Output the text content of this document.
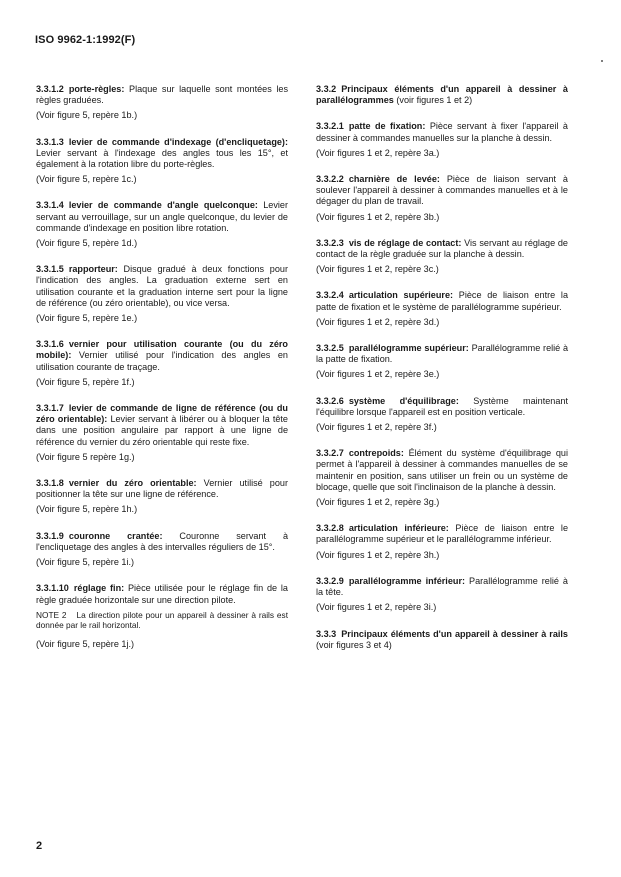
ISO 9962-1:1992(F)

3.3.1.2 porte-règles: Plaque sur laquelle sont montées les règles graduées.

(Voir figure 5, repère 1b.)

3.3.1.3 levier de commande d'indexage (d'encliquetage): Levier servant à l'indexage des angles tous les 15°, et également à la rotation libre du porte-règles.

(Voir figure 5, repère 1c.)

3.3.1.4 levier de commande d'angle quelconque: Levier servant au verrouillage, sur un angle quelconque, du levier de commande d'indexage en position libre rotation.

(Voir figure 5, repère 1d.)

3.3.1.5 rapporteur: Disque gradué à deux fonctions pour l'indication des angles. La graduation externe sert en utilisation courante et la graduation interne sert pour la ligne de référence (ou zéro orientable), ou vice versa.

(Voir figure 5, repère 1e.)

3.3.1.6 vernier pour utilisation courante (ou du zéro mobile): Vernier utilisé pour l'indication des angles en utilisation courante de traçage.

(Voir figure 5, repère 1f.)

3.3.1.7 levier de commande de ligne de référence (ou du zéro orientable): Levier servant à libérer ou à bloquer la tête dans une position angulaire par rapport à une ligne de référence du vernier du zéro orientable qui reste fixe.

(Voir figure 5 repère 1g.)

3.3.1.8 vernier du zéro orientable: Vernier utilisé pour positionner la tête sur une ligne de référence.

(Voir figure 5, repère 1h.)

3.3.1.9 couronne crantée: Couronne servant à l'encliquetage des angles à des intervalles réguliers de 15°.

(Voir figure 5, repère 1i.)

3.3.1.10 réglage fin: Pièce utilisée pour le réglage fin de la règle graduée horizontale sur une direction pilote.

NOTE 2 La direction pilote pour un appareil à dessiner à rails est donnée par le rail horizontal.

(Voir figure 5, repère 1j.)

3.3.2 Principaux éléments d'un appareil à dessiner à parallélogrammes (voir figures 1 et 2)

3.3.2.1 patte de fixation: Pièce servant à fixer l'appareil à dessiner à commandes manuelles sur la planche à dessin.

(Voir figures 1 et 2, repère 3a.)

3.3.2.2 charnière de levée: Pièce de liaison servant à soulever l'appareil à dessiner à commandes manuelles et à le dégager du plan de travail.

(Voir figures 1 et 2, repère 3b.)

3.3.2.3 vis de réglage de contact: Vis servant au réglage de contact de la règle graduée sur la planche à dessin.

(Voir figures 1 et 2, repère 3c.)

3.3.2.4 articulation supérieure: Pièce de liaison entre la patte de fixation et le système de parallélogramme supérieur.

(Voir figures 1 et 2, repère 3d.)

3.3.2.5 parallélogramme supérieur: Parallélogramme relié à la patte de fixation.

(Voir figures 1 et 2, repère 3e.)

3.3.2.6 système d'équilibrage: Système maintenant l'équilibre lorsque l'appareil est en position verticale.

(Voir figures 1 et 2, repère 3f.)

3.3.2.7 contrepoids: Élément du système d'équilibrage qui permet à l'appareil à dessiner à commandes manuelles de se maintenir en position, sans utiliser un frein ou un système de blocage, quelle que soit l'inclinaison de la planche à dessin.

(Voir figures 1 et 2, repère 3g.)

3.3.2.8 articulation inférieure: Pièce de liaison entre le parallélogramme supérieur et le parallélogramme inférieur.

(Voir figures 1 et 2, repère 3h.)

3.3.2.9 parallélogramme inférieur: Parallélogramme relié à la tête.

(Voir figures 1 et 2, repère 3i.)

3.3.3 Principaux éléments d'un appareil à dessiner à rails (voir figures 3 et 4)

2
